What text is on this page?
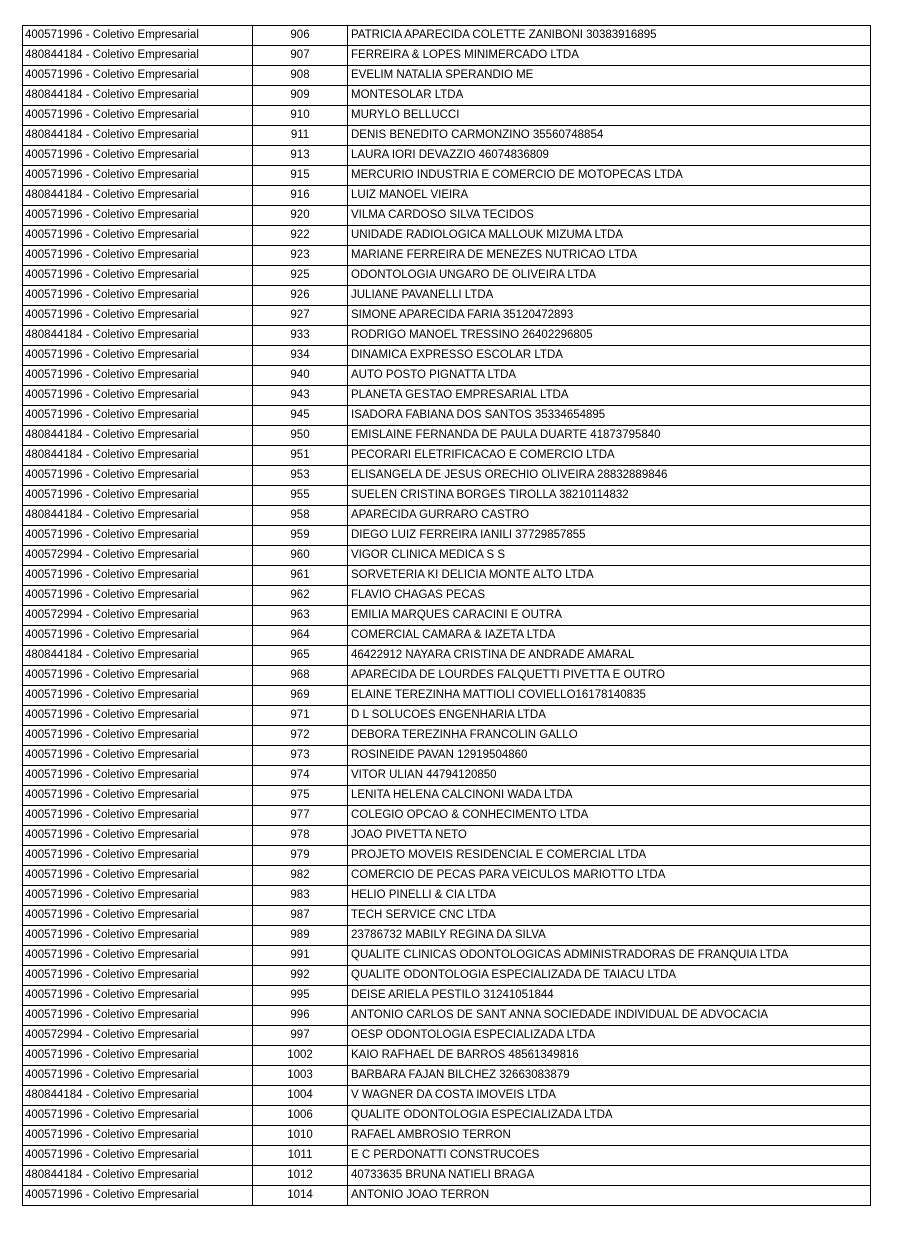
400571996 - Coletivo Empresarial	906	PATRICIA APARECIDA COLETTE ZANIBONI 30383916895
480844184 - Coletivo Empresarial	907	FERREIRA & LOPES MINIMERCADO LTDA
400571996 - Coletivo Empresarial	908	EVELIM NATALIA SPERANDIO ME
480844184 - Coletivo Empresarial	909	MONTESOLAR LTDA
400571996 - Coletivo Empresarial	910	MURYLO BELLUCCI
480844184 - Coletivo Empresarial	911	DENIS BENEDITO CARMONZINO 35560748854
400571996 - Coletivo Empresarial	913	LAURA IORI DEVAZZIO 46074836809
400571996 - Coletivo Empresarial	915	MERCURIO INDUSTRIA E COMERCIO DE MOTOPECAS LTDA
480844184 - Coletivo Empresarial	916	LUIZ MANOEL VIEIRA
400571996 - Coletivo Empresarial	920	VILMA CARDOSO SILVA TECIDOS
400571996 - Coletivo Empresarial	922	UNIDADE RADIOLOGICA MALLOUK MIZUMA LTDA
400571996 - Coletivo Empresarial	923	MARIANE FERREIRA DE MENEZES NUTRICAO LTDA
400571996 - Coletivo Empresarial	925	ODONTOLOGIA UNGARO DE OLIVEIRA LTDA
400571996 - Coletivo Empresarial	926	JULIANE PAVANELLI LTDA
400571996 - Coletivo Empresarial	927	SIMONE APARECIDA FARIA 35120472893
480844184 - Coletivo Empresarial	933	RODRIGO MANOEL TRESSINO 26402296805
400571996 - Coletivo Empresarial	934	DINAMICA EXPRESSO ESCOLAR LTDA
400571996 - Coletivo Empresarial	940	AUTO POSTO PIGNATTA LTDA
400571996 - Coletivo Empresarial	943	PLANETA GESTAO EMPRESARIAL LTDA
400571996 - Coletivo Empresarial	945	ISADORA FABIANA DOS SANTOS 35334654895
480844184 - Coletivo Empresarial	950	EMISLAINE FERNANDA DE PAULA DUARTE 41873795840
480844184 - Coletivo Empresarial	951	PECORARI ELETRIFICACAO E COMERCIO LTDA
400571996 - Coletivo Empresarial	953	ELISANGELA DE JESUS ORECHIO OLIVEIRA 28832889846
400571996 - Coletivo Empresarial	955	SUELEN CRISTINA BORGES TIROLLA 38210114832
480844184 - Coletivo Empresarial	958	APARECIDA GURRARO CASTRO
400571996 - Coletivo Empresarial	959	DIEGO LUIZ FERREIRA IANILI 37729857855
400572994 - Coletivo Empresarial	960	VIGOR CLINICA MEDICA S S
400571996 - Coletivo Empresarial	961	SORVETERIA KI DELICIA MONTE ALTO LTDA
400571996 - Coletivo Empresarial	962	FLAVIO CHAGAS PECAS
400572994 - Coletivo Empresarial	963	EMILIA MARQUES CARACINI E OUTRA
400571996 - Coletivo Empresarial	964	COMERCIAL CAMARA & IAZETA LTDA
480844184 - Coletivo Empresarial	965	46422912 NAYARA CRISTINA DE ANDRADE AMARAL
400571996 - Coletivo Empresarial	968	APARECIDA DE LOURDES FALQUETTI PIVETTA E OUTRO
400571996 - Coletivo Empresarial	969	ELAINE TEREZINHA MATTIOLI COVIELLO16178140835
400571996 - Coletivo Empresarial	971	D L SOLUCOES ENGENHARIA LTDA
400571996 - Coletivo Empresarial	972	DEBORA TEREZINHA FRANCOLIN GALLO
400571996 - Coletivo Empresarial	973	ROSINEIDE PAVAN 12919504860
400571996 - Coletivo Empresarial	974	VITOR ULIAN 44794120850
400571996 - Coletivo Empresarial	975	LENITA HELENA CALCINONI WADA LTDA
400571996 - Coletivo Empresarial	977	COLEGIO OPCAO & CONHECIMENTO LTDA
400571996 - Coletivo Empresarial	978	JOAO PIVETTA NETO
400571996 - Coletivo Empresarial	979	PROJETO MOVEIS RESIDENCIAL E COMERCIAL LTDA
400571996 - Coletivo Empresarial	982	COMERCIO DE PECAS PARA VEICULOS MARIOTTO LTDA
400571996 - Coletivo Empresarial	983	HELIO PINELLI & CIA LTDA
400571996 - Coletivo Empresarial	987	TECH SERVICE CNC LTDA
400571996 - Coletivo Empresarial	989	23786732 MABILY REGINA DA SILVA
400571996 - Coletivo Empresarial	991	QUALITE CLINICAS ODONTOLOGICAS ADMINISTRADORAS DE FRANQUIA LTDA
400571996 - Coletivo Empresarial	992	QUALITE ODONTOLOGIA ESPECIALIZADA DE TAIACU LTDA
400571996 - Coletivo Empresarial	995	DEISE ARIELA PESTILO 31241051844
400571996 - Coletivo Empresarial	996	ANTONIO CARLOS DE SANT ANNA SOCIEDADE INDIVIDUAL DE ADVOCACIA
400572994 - Coletivo Empresarial	997	OESP ODONTOLOGIA ESPECIALIZADA LTDA
400571996 - Coletivo Empresarial	1002	KAIO RAFHAEL DE BARROS 48561349816
400571996 - Coletivo Empresarial	1003	BARBARA FAJAN BILCHEZ 32663083879
480844184 - Coletivo Empresarial	1004	V WAGNER DA COSTA IMOVEIS LTDA
400571996 - Coletivo Empresarial	1006	QUALITE ODONTOLOGIA ESPECIALIZADA LTDA
400571996 - Coletivo Empresarial	1010	RAFAEL AMBROSIO TERRON
400571996 - Coletivo Empresarial	1011	E C PERDONATTI CONSTRUCOES
480844184 - Coletivo Empresarial	1012	40733635 BRUNA NATIELI BRAGA
400571996 - Coletivo Empresarial	1014	ANTONIO JOAO TERRON
